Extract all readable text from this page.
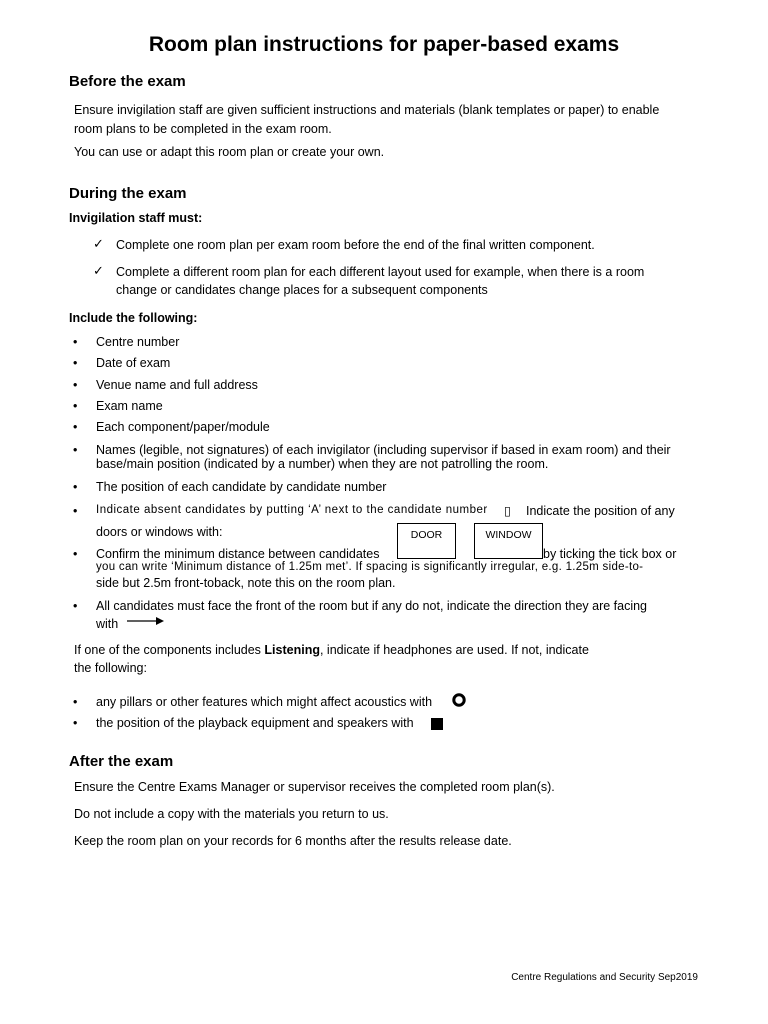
Room plan instructions for paper-based exams
Before the exam
Ensure invigilation staff are given sufficient instructions and materials (blank templates or paper) to enable
room plans to be completed in the exam room.
You can use or adapt this room plan or create your own.
During the exam
Invigilation staff must:
✓ Complete one room plan per exam room before the end of the final written component.
✓ Complete a different room plan for each different layout used for example, when there is a room
change or candidates change places for a subsequent components
Include the following:
• Centre number
• Date of exam
• Venue name and full address
• Exam name
• Each component/paper/module
• Names (legible, not signatures) of each invigilator (including supervisor if based in exam room) and their
base/main position (indicated by a number) when they are not patrolling the room.
• The position of each candidate by candidate number
• Indicate absent candidates by putting ‘A’ next to the candidate number ▯ Indicate the position of any
doors or windows with:	DOOR	WINDOW
• Confirm the minimum distance between candidates	by ticking the tick box or
you can write ‘Minimum distance of 1.25m met’. If spacing is significantly irregular, e.g. 1.25m side-to-
side but 2.5m front-toback, note this on the room plan.
• All candidates must face the front of the room but if any do not, indicate the direction they are facing
with
If one of the components includes Listening, indicate if headphones are used. If not, indicate
the following:
• any pillars or other features which might affect acoustics with
• the position of the playback equipment and speakers with
After the exam
Ensure the Centre Exams Manager or supervisor receives the completed room plan(s).
Do not include a copy with the materials you return to us.
Keep the room plan on your records for 6 months after the results release date.
Centre Regulations and Security Sep2019
